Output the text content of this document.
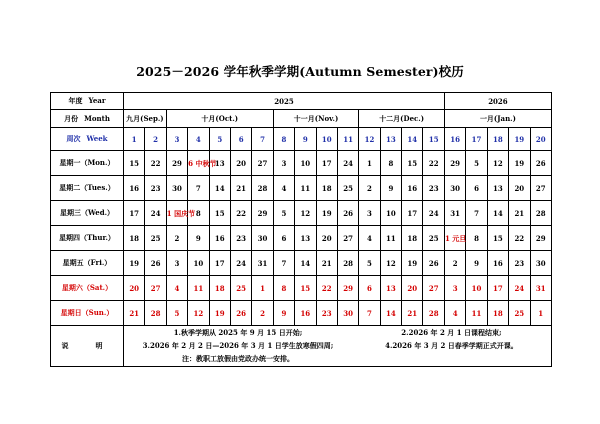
2025－2026 学年秋季学期(Autumn Semester)校历
年度 Year	2025															2026				
月份 Month	九月(Sep.)		十月(Oct.)					十一月(Nov.)				十二月(Dec.)				一月(Jan.)				
周次 Week	1	2	3	4	5	6	7	8	9	10	11	12	13	14	15	16	17	18	19	20
星期一（Mon.）	15	22	29	6 中秋节	13	20	27	3	10	17	24	1	8	15	22	29	5	12	19	26
星期二（Tues.）	16	23	30	7	14	21	28	4	11	18	25	2	9	16	23	30	6	13	20	27
星期三（Wed.）	17	24	1 国庆节	8	15	22	29	5	12	19	26	3	10	17	24	31	7	14	21	28
星期四（Thur.）	18	25	2	9	16	23	30	6	13	20	27	4	11	18	25	1 元旦	8	15	22	29
星期五（Fri.）	19	26	3	10	17	24	31	7	14	21	28	5	12	19	26	2	9	16	23	30
星期六（Sat.）	20	27	4	11	18	25	1	8	15	22	29	6	13	20	27	3	10	17	24	31
星期日（Sun.）	21	28	5	12	19	26	2	9	16	23	30	7	14	21	28	4	11	18	25	1
说　明	1.秋季学期从 2025 年 9 月 15 日开始; 2.2026 年 2 月 1 日课程结束;
3.2026 年 2 月 2 日—2026 年 3 月 1 日学生放寒假四周; 4.2026 年 3 月 2 日春季学期正式开课。
注：教职工放假由党政办统一安排。																			
